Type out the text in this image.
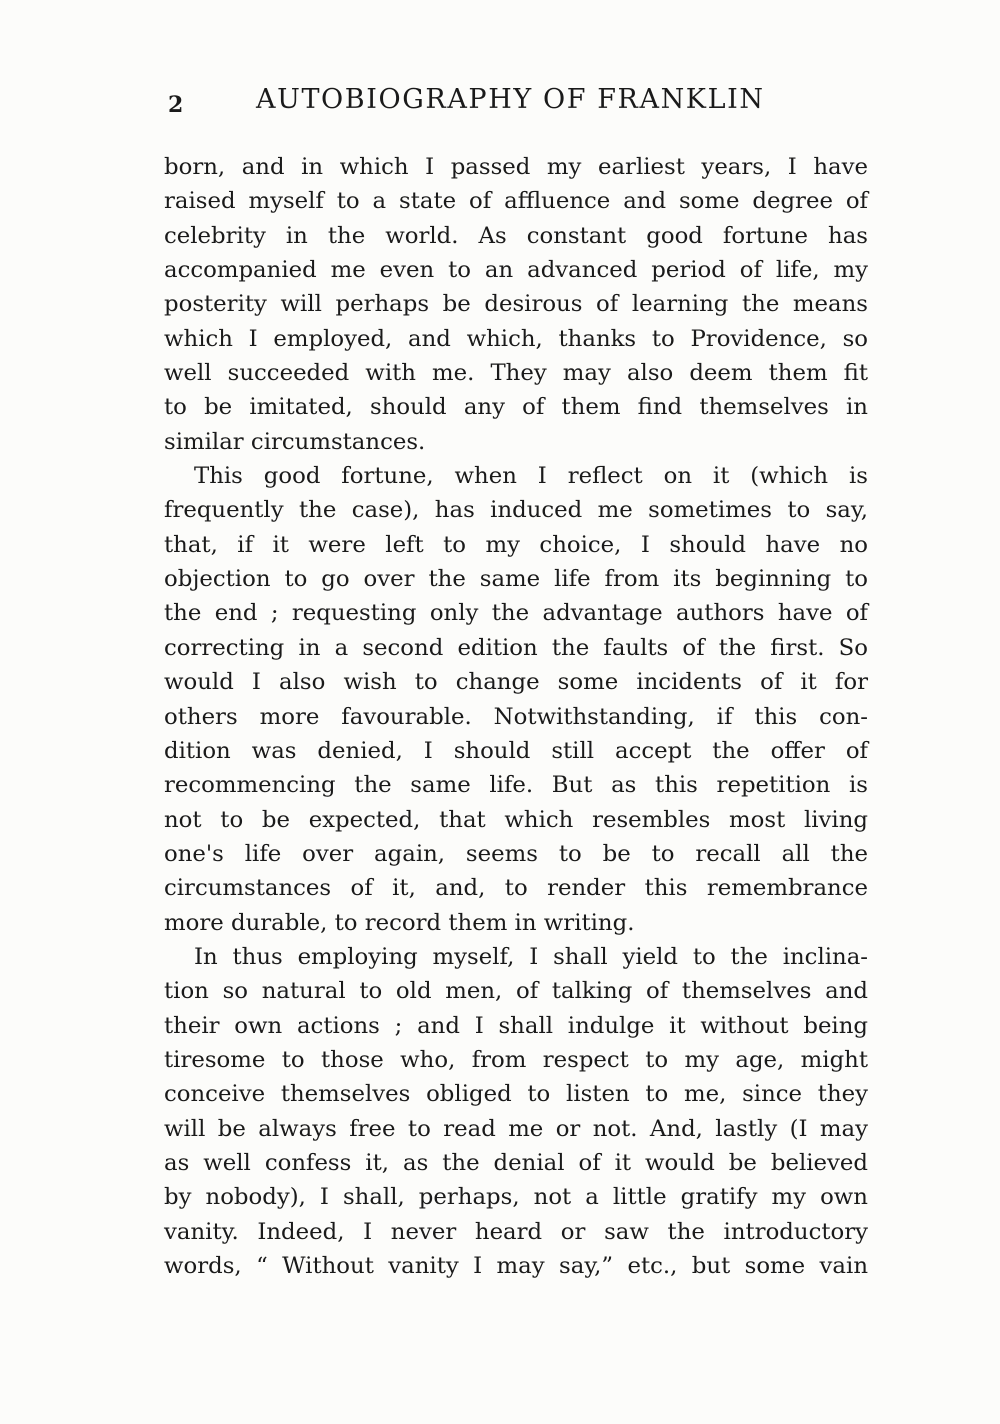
2	AUTOBIOGRAPHY OF FRANKLIN
born, and in which I passed my earliest years, I have
raised myself to a state of affluence and some degree of
celebrity in the world. As constant good fortune has
accompanied me even to an advanced period of life, my
posterity will perhaps be desirous of learning the means
which I employed, and which, thanks to Providence, so
well succeeded with me. They may also deem them fit
to be imitated, should any of them find themselves in
similar circumstances.
This good fortune, when I reflect on it (which is
frequently the case), has induced me sometimes to say,
that, if it were left to my choice, I should have no
objection to go over the same life from its beginning to
the end ; requesting only the advantage authors have of
correcting in a second edition the faults of the first. So
would I also wish to change some incidents of it for
others more favourable. Notwithstanding, if this con-
dition was denied, I should still accept the offer of
recommencing the same life. But as this repetition is
not to be expected, that which resembles most living
one's life over again, seems to be to recall all the
circumstances of it, and, to render this remembrance
more durable, to record them in writing.
In thus employing myself, I shall yield to the inclina-
tion so natural to old men, of talking of themselves and
their own actions ; and I shall indulge it without being
tiresome to those who, from respect to my age, might
conceive themselves obliged to listen to me, since they
will be always free to read me or not. And, lastly (I may
as well confess it, as the denial of it would be believed
by nobody), I shall, perhaps, not a little gratify my own
vanity. Indeed, I never heard or saw the introductory
words, “ Without vanity I may say,” etc., but some vain
